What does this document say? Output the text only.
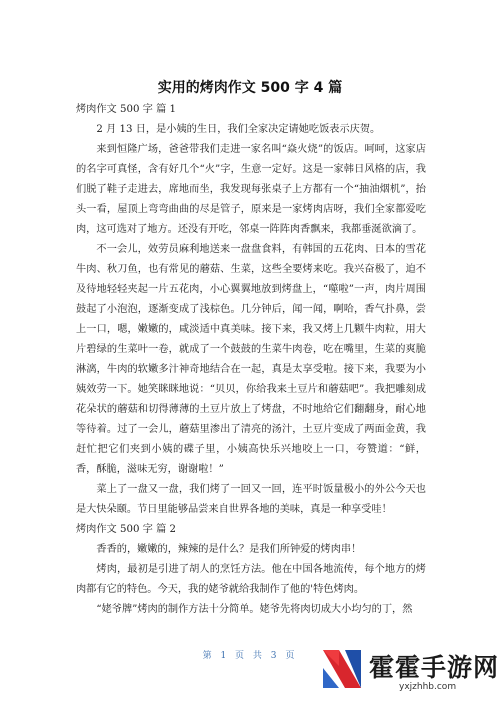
实用的烤肉作文 500 字 4 篇

烤肉作文 500 字 篇 1

2 月 13 日，是小姨的生日，我们全家决定请她吃饭表示庆贺。

来到恒隆广场，爸爸带我们走进一家名叫“焱火烧”的饭店。呵呵，这家店的名字可真怪，含有好几个“火”字，生意一定好。这是一家韩日风格的店，我们脱了鞋子走进去，席地而坐，我发现每张桌子上方都有一个“抽油烟机”，抬头一看，屋顶上弯弯曲曲的尽是管子，原来是一家烤肉店呀，我们全家都爱吃肉，这可选对了地方。还没有开吃，邻桌一阵阵肉香飘来，我都垂涎欲滴了。

不一会儿，效劳员麻利地送来一盘盘食料，有韩国的五花肉、日本的雪花牛肉、秋刀鱼，也有常见的蘑菇、生菜，这些全要烤来吃。我兴奋极了，迫不及待地轻轻夹起一片五花肉，小心翼翼地放到烤盘上，“噬啦”一声，肉片周围鼓起了小泡泡，逐渐变成了浅棕色。几分钟后，闻一闻，啊哈，香气扑鼻，尝上一口，嗯，嫩嫩的，咸淡适中真美味。接下来，我又烤上几颗牛肉粒，用大片碧绿的生菜叶一卷，就成了一个鼓鼓的生菜牛肉卷，吃在嘴里，生菜的爽脆淋漓，牛肉的软嫩多汁神奇地结合在一起，真是太享受啦。接下来，我要为小姨效劳一下。她笑眯眯地说：“贝贝，你给我来土豆片和蘑菇吧”。我把雕刻成花朵状的蘑菇和切得薄薄的土豆片放上了烤盘，不时地给它们翻翻身，耐心地等待着。过了一会儿，蘑菇里渗出了清亮的汤汁，土豆片变成了两面金黄，我赶忙把它们夹到小姨的碟子里，小姨高快乐兴地咬上一口，夸赞道：“鲜，香，酥脆，滋味无穷，谢谢啦！”

菜上了一盘又一盘，我们烤了一回又一回，连平时饭量极小的外公今天也是大快朵颐。节日里能够品尝来自世界各地的美味，真是一种享受哇！

烤肉作文 500 字 篇 2

香香的，嫩嫩的，辣辣的是什么？是我们所钟爱的烤肉串！

烤肉，最初是引进了胡人的烹饪方法。他在中国各地流传，每个地方的烤肉都有它的特色。今天，我的姥爷就给我制作了他的'特色烤肉。

“姥爷牌”烤肉的制作方法十分简单。姥爷先将肉切成大小均匀的丁，然

第 1 页 共 3 页	霍霍手游网
yxjzhhb.com
